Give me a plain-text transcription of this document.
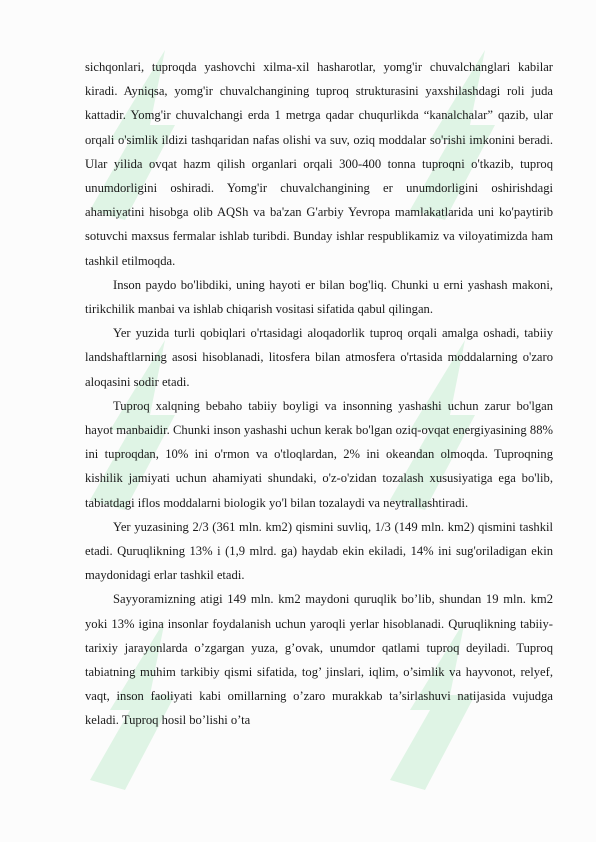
sichqonlari, tuproqda yashovchi xilma-xil hasharotlar, yomg'ir chuvalchanglari kabilar kiradi. Ayniqsa, yomg'ir chuvalchangining tuproq strukturasini yaxshilashdagi roli juda kattadir. Yomg'ir chuvalchangi erda 1 metrga qadar chuqurlikda “kanalchalar” qazib, ular orqali o'simlik ildizi tashqaridan nafas olishi va suv, oziq moddalar so'rishi imkonini beradi. Ular yilida ovqat hazm qilish organlari orqali 300-400 tonna tuproqni o'tkazib, tuproq unumdorligini oshiradi. Yomg'ir chuvalchangining er unumdorligini oshirishdagi ahamiyatini hisobga olib AQSh va ba'zan G'arbiy Yevropa mamlakatlarida uni ko'paytirib sotuvchi maxsus fermalar ishlab turibdi. Bunday ishlar respublikamiz va viloyatimizda ham tashkil etilmoqda.

Inson paydo bo'libdiki, uning hayoti er bilan bog'liq. Chunki u erni yashash makoni, tirikchilik manbai va ishlab chiqarish vositasi sifatida qabul qilingan.

Yer yuzida turli qobiqlari o'rtasidagi aloqadorlik tuproq orqali amalga oshadi, tabiiy landshaftlarning asosi hisoblanadi, litosfera bilan atmosfera o'rtasida moddalarning o'zaro aloqasini sodir etadi.

Tuproq xalqning bebaho tabiiy boyligi va insonning yashashi uchun zarur bo'lgan hayot manbaidir. Chunki inson yashashi uchun kerak bo'lgan oziq-ovqat energiyasining 88% ini tuproqdan, 10% ini o'rmon va o'tloqlardan, 2% ini okeandan olmoqda. Tuproqning kishilik jamiyati uchun ahamiyati shundaki, o'z-o'zidan tozalash xususiyatiga ega bo'lib, tabiatdagi iflos moddalarni biologik yo'l bilan tozalaydi va neytrallashtiradi.

Yer yuzasining 2/3 (361 mln. km2) qismini suvliq, 1/3 (149 mln. km2) qismini tashkil etadi. Quruqlikning 13% i (1,9 mlrd. ga) haydab ekin ekiladi, 14% ini sug'oriladigan ekin maydonidagi erlar tashkil etadi.

Sayyoramizning atigi 149 mln. km2 maydoni quruqlik bo’lib, shundan 19 mln. km2 yoki 13% igina insonlar foydalanish uchun yaroqli yerlar hisoblanadi. Quruqlikning tabiiy-tarixiy jarayonlarda o’zgargan yuza, g’ovak, unumdor qatlami tuproq deyiladi. Tuproq tabiatning muhim tarkibiy qismi sifatida, tog’ jinslari, iqlim, o’simlik va hayvonot, relyef, vaqt, inson faoliyati kabi omillarning o’zaro murakkab ta’sirlashuvi natijasida vujudga keladi. Tuproq hosil bo’lishi o’ta
